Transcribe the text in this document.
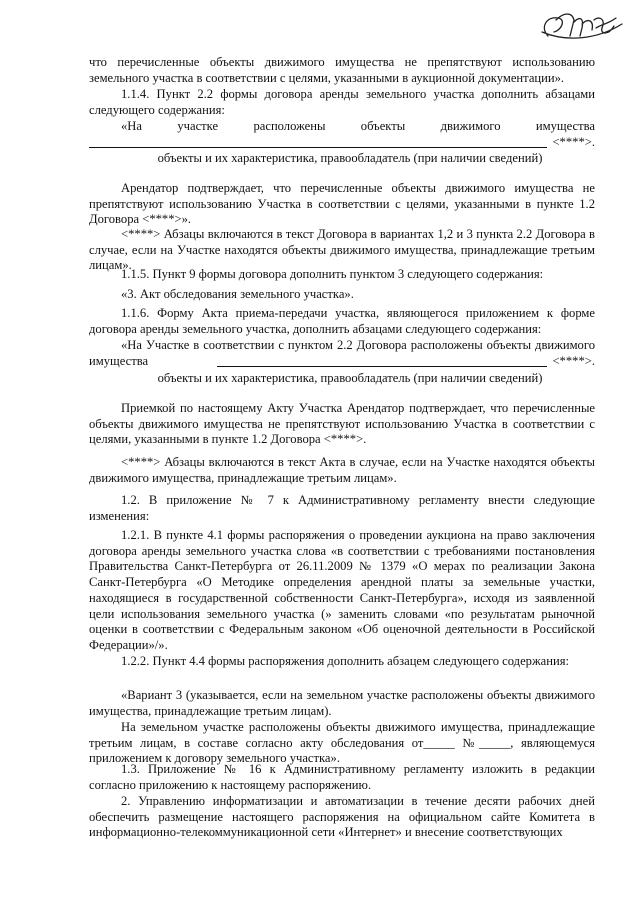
что перечисленные объекты движимого имущества не препятствуют использованию земельного участка в соответствии с целями, указанными в аукционной документации».

1.1.4. Пункт 2.2 формы договора аренды земельного участка дополнить абзацами следующего содержания:

«На участке расположены объекты движимого имущества

<****>.

объекты и их характеристика, правообладатель (при наличии сведений)

Арендатор подтверждает, что перечисленные объекты движимого имущества не препятствуют использованию Участка в соответствии с целями, указанными в пункте 1.2 Договора <****>».

<****> Абзацы включаются в текст Договора в вариантах 1,2 и 3 пункта 2.2 Договора в случае, если на Участке находятся объекты движимого имущества, принадлежащие третьим лицам».

1.1.5. Пункт 9 формы договора дополнить пунктом 3 следующего содержания:

«3. Акт обследования земельного участка».

1.1.6. Форму Акта приема-передачи участка, являющегося приложением к форме договора аренды земельного участка, дополнить абзацами следующего содержания:

«На Участке в соответствии с пунктом 2.2 Договора расположены объекты движимого имущества	<****>.

объекты и их характеристика, правообладатель (при наличии сведений)

Приемкой по настоящему Акту Участка Арендатор подтверждает, что перечисленные объекты движимого имущества не препятствуют использованию Участка в соответствии с целями, указанными в пункте 1.2 Договора <****>.

<****> Абзацы включаются в текст Акта в случае, если на Участке находятся объекты движимого имущества, принадлежащие третьим лицам».

1.2. В приложение № 7 к Административному регламенту внести следующие изменения:

1.2.1. В пункте 4.1 формы распоряжения о проведении аукциона на право заключения договора аренды земельного участка слова «в соответствии с требованиями постановления Правительства Санкт-Петербурга от 26.11.2009 № 1379 «О мерах по реализации Закона Санкт-Петербурга «О Методике определения арендной платы за земельные участки, находящиеся в государственной собственности Санкт-Петербурга», исходя из заявленной цели использования земельного участка (» заменить словами «по результатам рыночной оценки в соответствии с Федеральным законом «Об оценочной деятельности в Российской Федерации»/».

1.2.2. Пункт 4.4 формы распоряжения дополнить абзацем следующего содержания:

«Вариант 3 (указывается, если на земельном участке расположены объекты движимого имущества, принадлежащие третьим лицам).

На земельном участке расположены объекты движимого имущества, принадлежащие третьим лицам, в составе согласно акту обследования от_____ №_____, являющемуся приложением к договору земельного участка».

1.3. Приложение № 16 к Административному регламенту изложить в редакции согласно приложению к настоящему распоряжению.

2. Управлению информатизации и автоматизации в течение десяти рабочих дней обеспечить размещение настоящего распоряжения на официальном сайте Комитета в информационно-телекоммуникационной сети «Интернет» и внесение соответствующих
